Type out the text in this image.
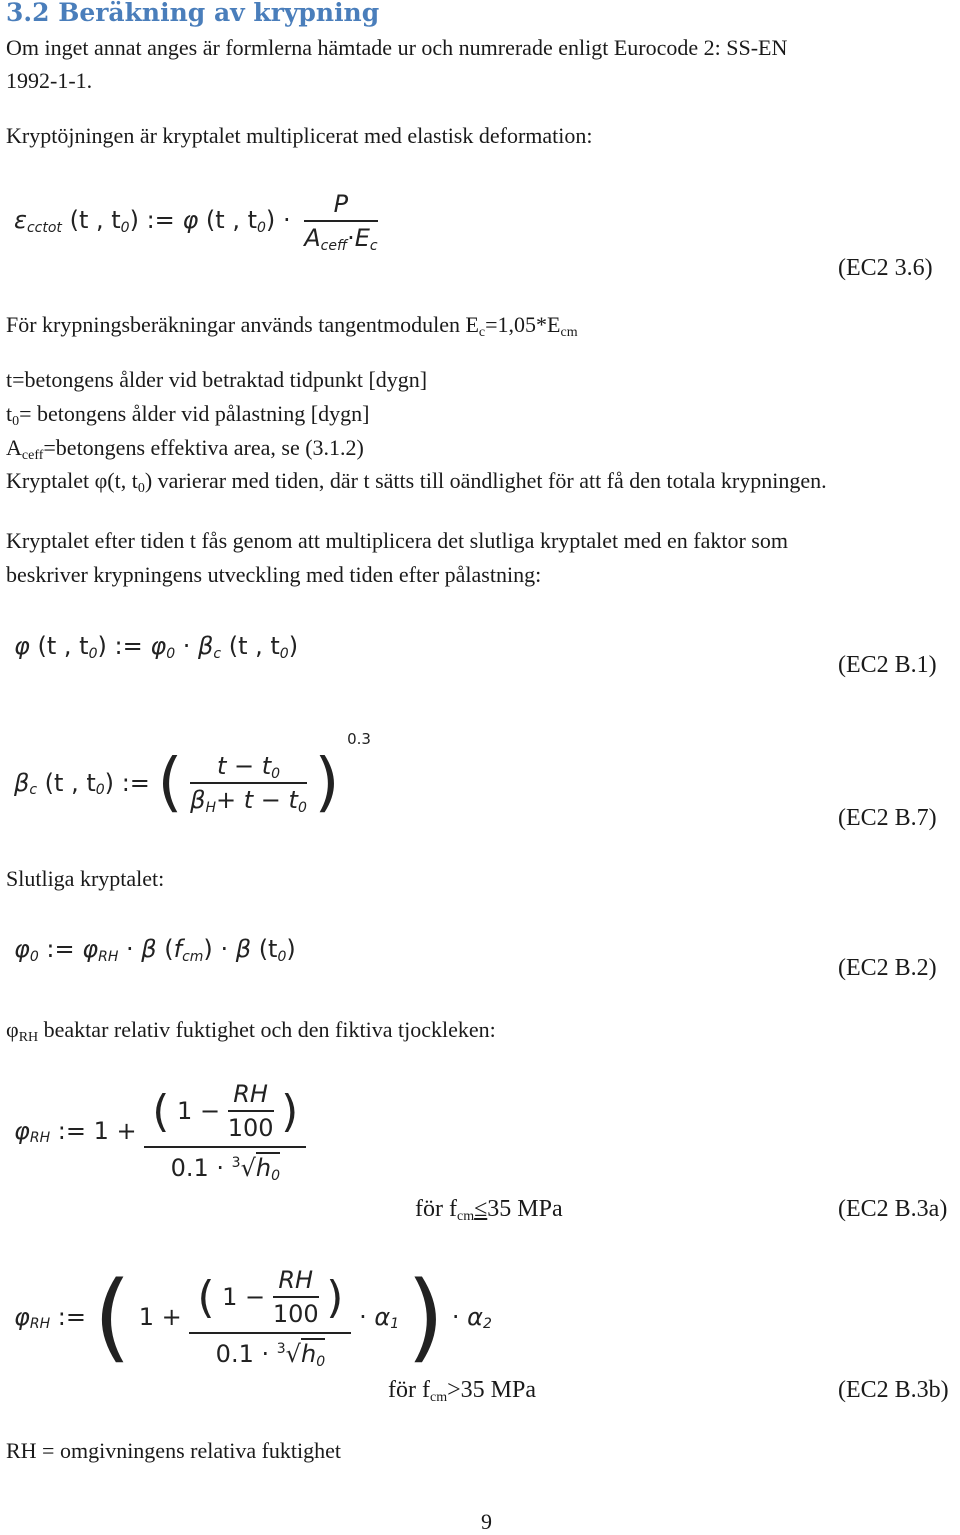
3.2 Beräkning av krypning
Om inget annat anges är formlerna hämtade ur och numrerade enligt Eurocode 2: SS-EN
1992-1-1.
Kryptöjningen är kryptalet multiplicerat med elastisk deformation:
$\varepsilon_{cctot}$ (t , $t_0$) := φ (t , $t_0) \cdot \frac{P}{A_{ceff}\cdot E_c}$
(EC2 3.6)
För krypningsberäkningar används tangentmodulen $E_c=1,05*E_{cm}$
t=betongens ålder vid betraktad tidpunkt [dygn]
$t_0=$ betongens ålder vid pålastning [dygn]
$A_{ceff}=betongens$ effektiva area, se (3.1.2)
Kryptalet φ(t, $t_0$) varierar med tiden, där t sätts till oändlighet för att få den totala krypningen.
Kryptalet efter tiden t fås genom att multiplicera det slutliga kryptalet med en faktor som
beskriver krypningens utveckling med tiden efter pålastning:
φ (t , $t_0$) := $\varphi_0 \cdot \beta_c$ (t , $t_0$)
(EC2 B.1)
$\beta_c$ (t , $t_0$) := ( $\frac{t - t_0}{\beta_H+ t - t_0}$ ) $^{0.3}$
(EC2 B.7)
Slutliga kryptalet:
$\varphi_0$ := $\varphi_{RH} \cdot \beta$ $(f_{cm}) \cdot \beta$ $(t_0)$
(EC2 B.2)
$\varphi_{RH}$ beaktar relativ fuktighet och den fiktiva tjockleken:
$\varphi_{RH}$ := $1 + \frac{( 1 - \frac{RH}{100} )}{0.1 \cdot ^3√h_0}$
för $f_{cm}\le 35$ MPa	(EC2 B.3a)
$\varphi_{RH}$ := ( $1 + \frac{( 1 - \frac{RH}{100} )}{0.1 \cdot ^3√h_0} \cdot \alpha_1$ ) · $\alpha_2$
för $f_{cm}>35$ MPa	(EC2 B.3b)
RH = omgivningens relativa fuktighet
9
